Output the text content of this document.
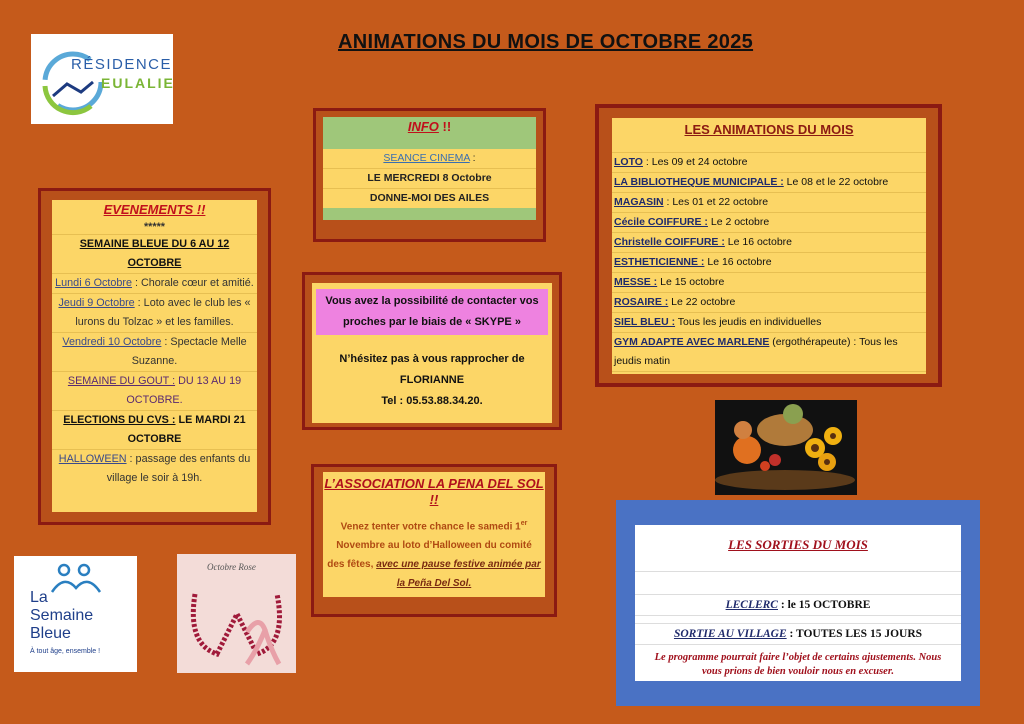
ANIMATIONS DU MOIS DE OCTOBRE 2025
RÉSIDENCE
EULALIE
EVENEMENTS !!
*****
SEMAINE BLEUE DU 6 AU 12 OCTOBRE
Lundi 6 Octobre : Chorale cœur et amitié.
Jeudi 9 Octobre : Loto avec le club les « lurons du Tolzac » et les familles.
Vendredi 10 Octobre : Spectacle Melle Suzanne.
SEMAINE DU GOUT : DU 13 AU 19 OCTOBRE.
ELECTIONS DU CVS : LE MARDI 21 OCTOBRE
HALLOWEEN : passage des enfants du village le soir à 19h.
INFO !!
SEANCE CINEMA :
LE MERCREDI 8 Octobre
DONNE-MOI DES AILES
Vous avez la possibilité de contacter vos proches par le biais de « SKYPE »
N’hésitez pas à vous rapprocher de FLORIANNE
Tel : 05.53.88.34.20.
L’ASSOCIATION LA PENA DEL SOL !!
Venez tenter votre chance le samedi 1er Novembre au loto d’Halloween du comité des fêtes, avec une pause festive animée par la Peña Del Sol.
LES ANIMATIONS DU MOIS
LOTO : Les 09 et 24 octobre
LA BIBLIOTHEQUE MUNICIPALE : Le 08 et le 22 octobre
MAGASIN : Les 01 et 22 octobre
Cécile COIFFURE : Le 2 octobre
Christelle COIFFURE : Le 16 octobre
ESTHETICIENNE : Le 16 octobre
MESSE : Le 15 octobre
ROSAIRE : Le 22 octobre
SIEL BLEU : Tous les jeudis en individuelles
GYM ADAPTE AVEC MARLENE (ergothérapeute) : Tous les jeudis matin
LES SORTIES DU MOIS
LECLERC : le 15 OCTOBRE
SORTIE AU VILLAGE : TOUTES LES 15 JOURS
Le programme pourrait faire l’objet de certains ajustements. Nous vous prions de bien vouloir nous en excuser.
La
Semaine
Bleue
À tout âge, ensemble !
Octobre Rose
